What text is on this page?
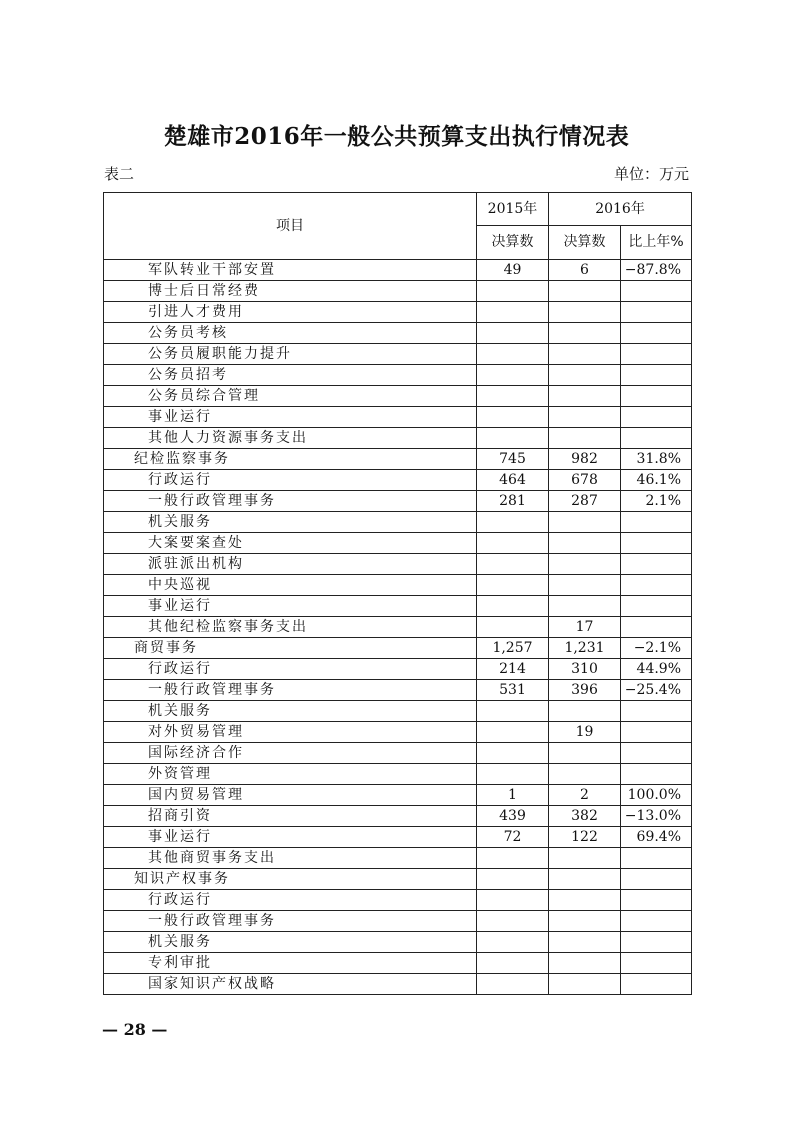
楚雄市2016年一般公共预算支出执行情况表
表二	单位：万元
项目	2015年	2016年	
	决算数	决算数	比上年%
军队转业干部安置	49	6	−87.8%
博士后日常经费			
引进人才费用			
公务员考核			
公务员履职能力提升			
公务员招考			
公务员综合管理			
事业运行			
其他人力资源事务支出			
纪检监察事务	745	982	31.8%
行政运行	464	678	46.1%
一般行政管理事务	281	287	2.1%
机关服务			
大案要案查处			
派驻派出机构			
中央巡视			
事业运行			
其他纪检监察事务支出		17	
商贸事务	1,257	1,231	−2.1%
行政运行	214	310	44.9%
一般行政管理事务	531	396	−25.4%
机关服务			
对外贸易管理		19	
国际经济合作			
外资管理			
国内贸易管理	1	2	100.0%
招商引资	439	382	−13.0%
事业运行	72	122	69.4%
其他商贸事务支出			
知识产权事务			
行政运行			
一般行政管理事务			
机关服务			
专利审批			
国家知识产权战略			
— 28 —
